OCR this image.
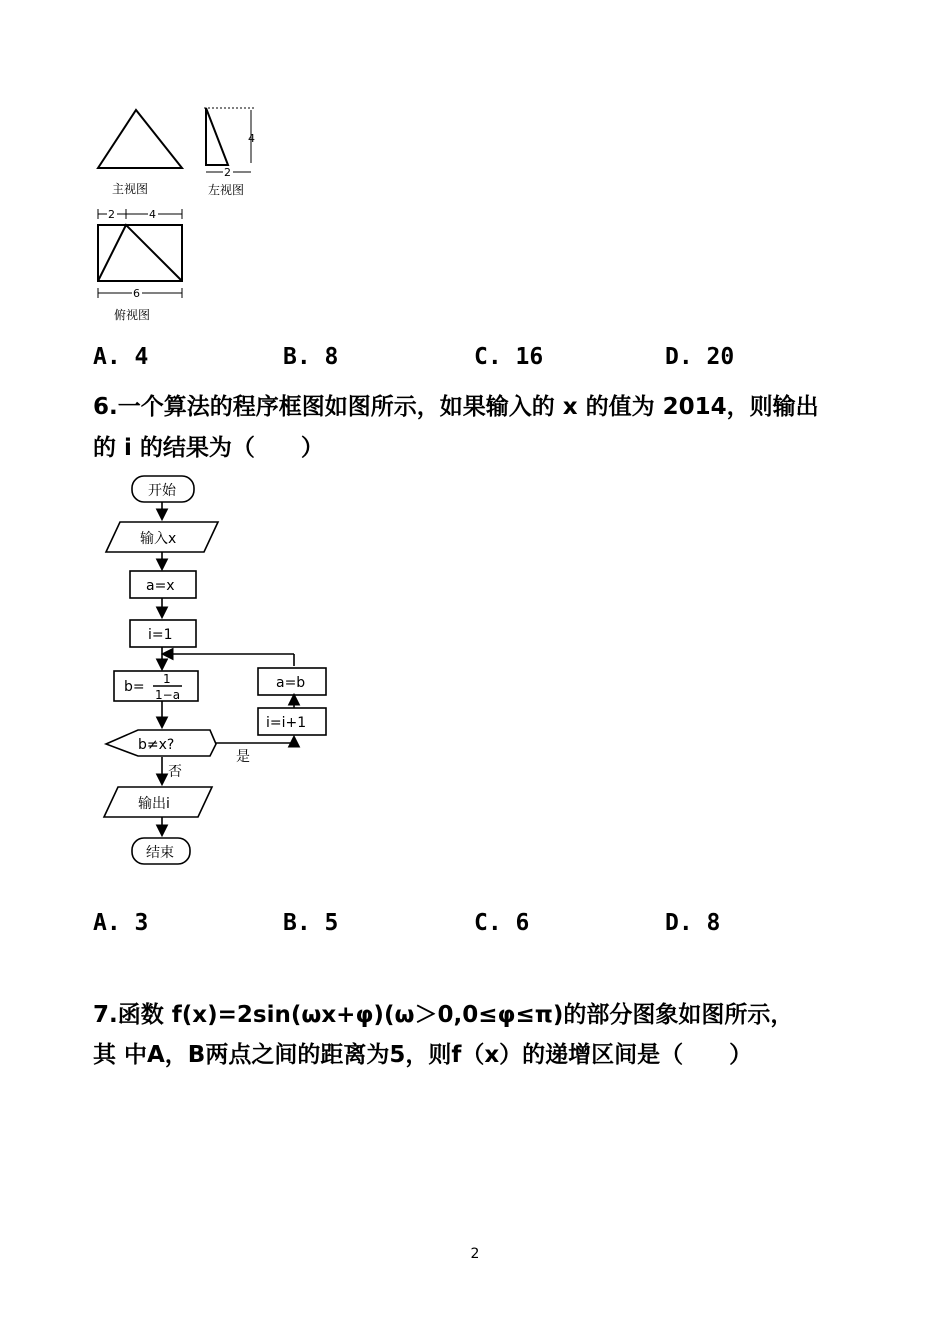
主视图
4
2
左视图
2	4
6
俯视图
A. 4	B. 8	C. 16	D. 20
6.一个算法的程序框图如图所示，如果输入的 x 的值为 2014，则输出
的 i 的结果为（　　）
开始
输入x
a=x
i=1
b= 1
1−a
a=b
i=i+1
b≠x?
是
否
输出i
结束
A. 3	B. 5	C. 6	D. 8
7.函数 f(x)=2sin(ωx+φ)(ω＞0,0≤φ≤π)的部分图象如图所示，
其 中A，B两点之间的距离为5，则f（x）的递增区间是（　　）
2
